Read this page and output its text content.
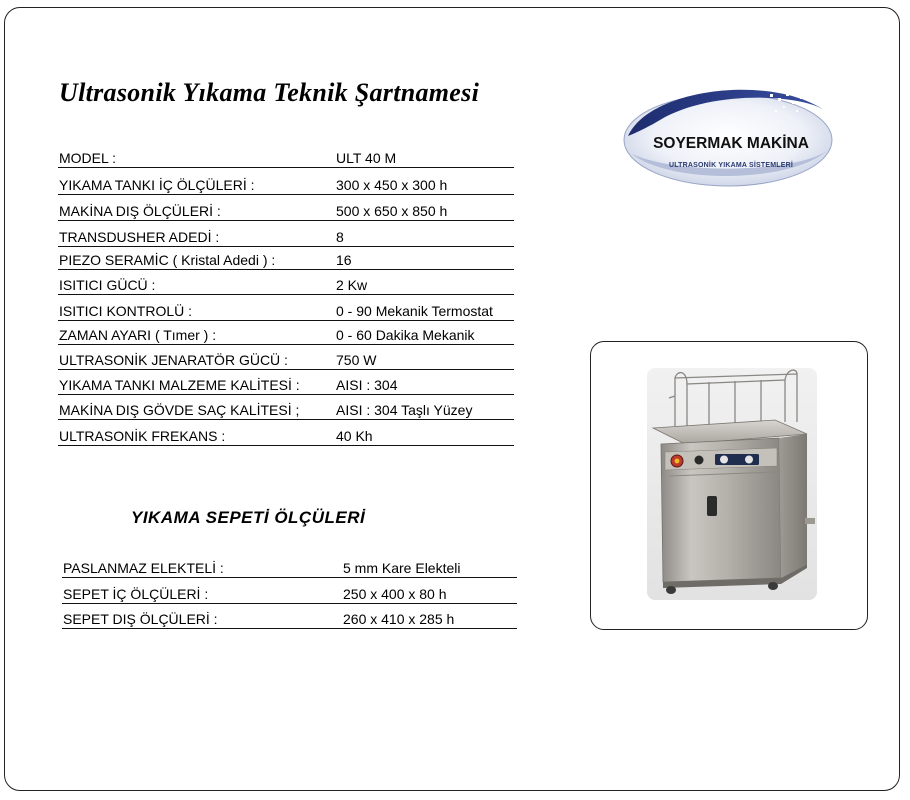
Ultrasonik Yıkama Teknik Şartnamesi
MODEL :	ULT 40 M
YIKAMA TANKI İÇ ÖLÇÜLERİ :	300 x 450 x 300 h
MAKİNA DIŞ ÖLÇÜLERİ :	500 x 650 x 850 h
TRANSDUSHER ADEDİ :	8
PIEZO SERAMİC ( Kristal Adedi ) :	16
ISITICI GÜCÜ :	2 Kw
ISITICI KONTROLÜ :	0 - 90 Mekanik Termostat
ZAMAN AYARI ( Tımer ) :	0 - 60 Dakika Mekanik
ULTRASONİK JENARATÖR GÜCÜ :	750 W
YIKAMA TANKI MALZEME KALİTESİ :	AISI : 304
MAKİNA DIŞ GÖVDE SAÇ KALİTESİ ;	AISI : 304 Taşlı Yüzey
ULTRASONİK FREKANS :	40 Kh
YIKAMA SEPETİ ÖLÇÜLERİ
PASLANMAZ ELEKTELİ :	5 mm Kare Elekteli
SEPET İÇ ÖLÇÜLERİ :	250 x 400 x 80 h
SEPET DIŞ ÖLÇÜLERİ :	260 x 410 x 285 h
SOYERMAK MAKİNA
ULTRASONİK YIKAMA SİSTEMLERİ
